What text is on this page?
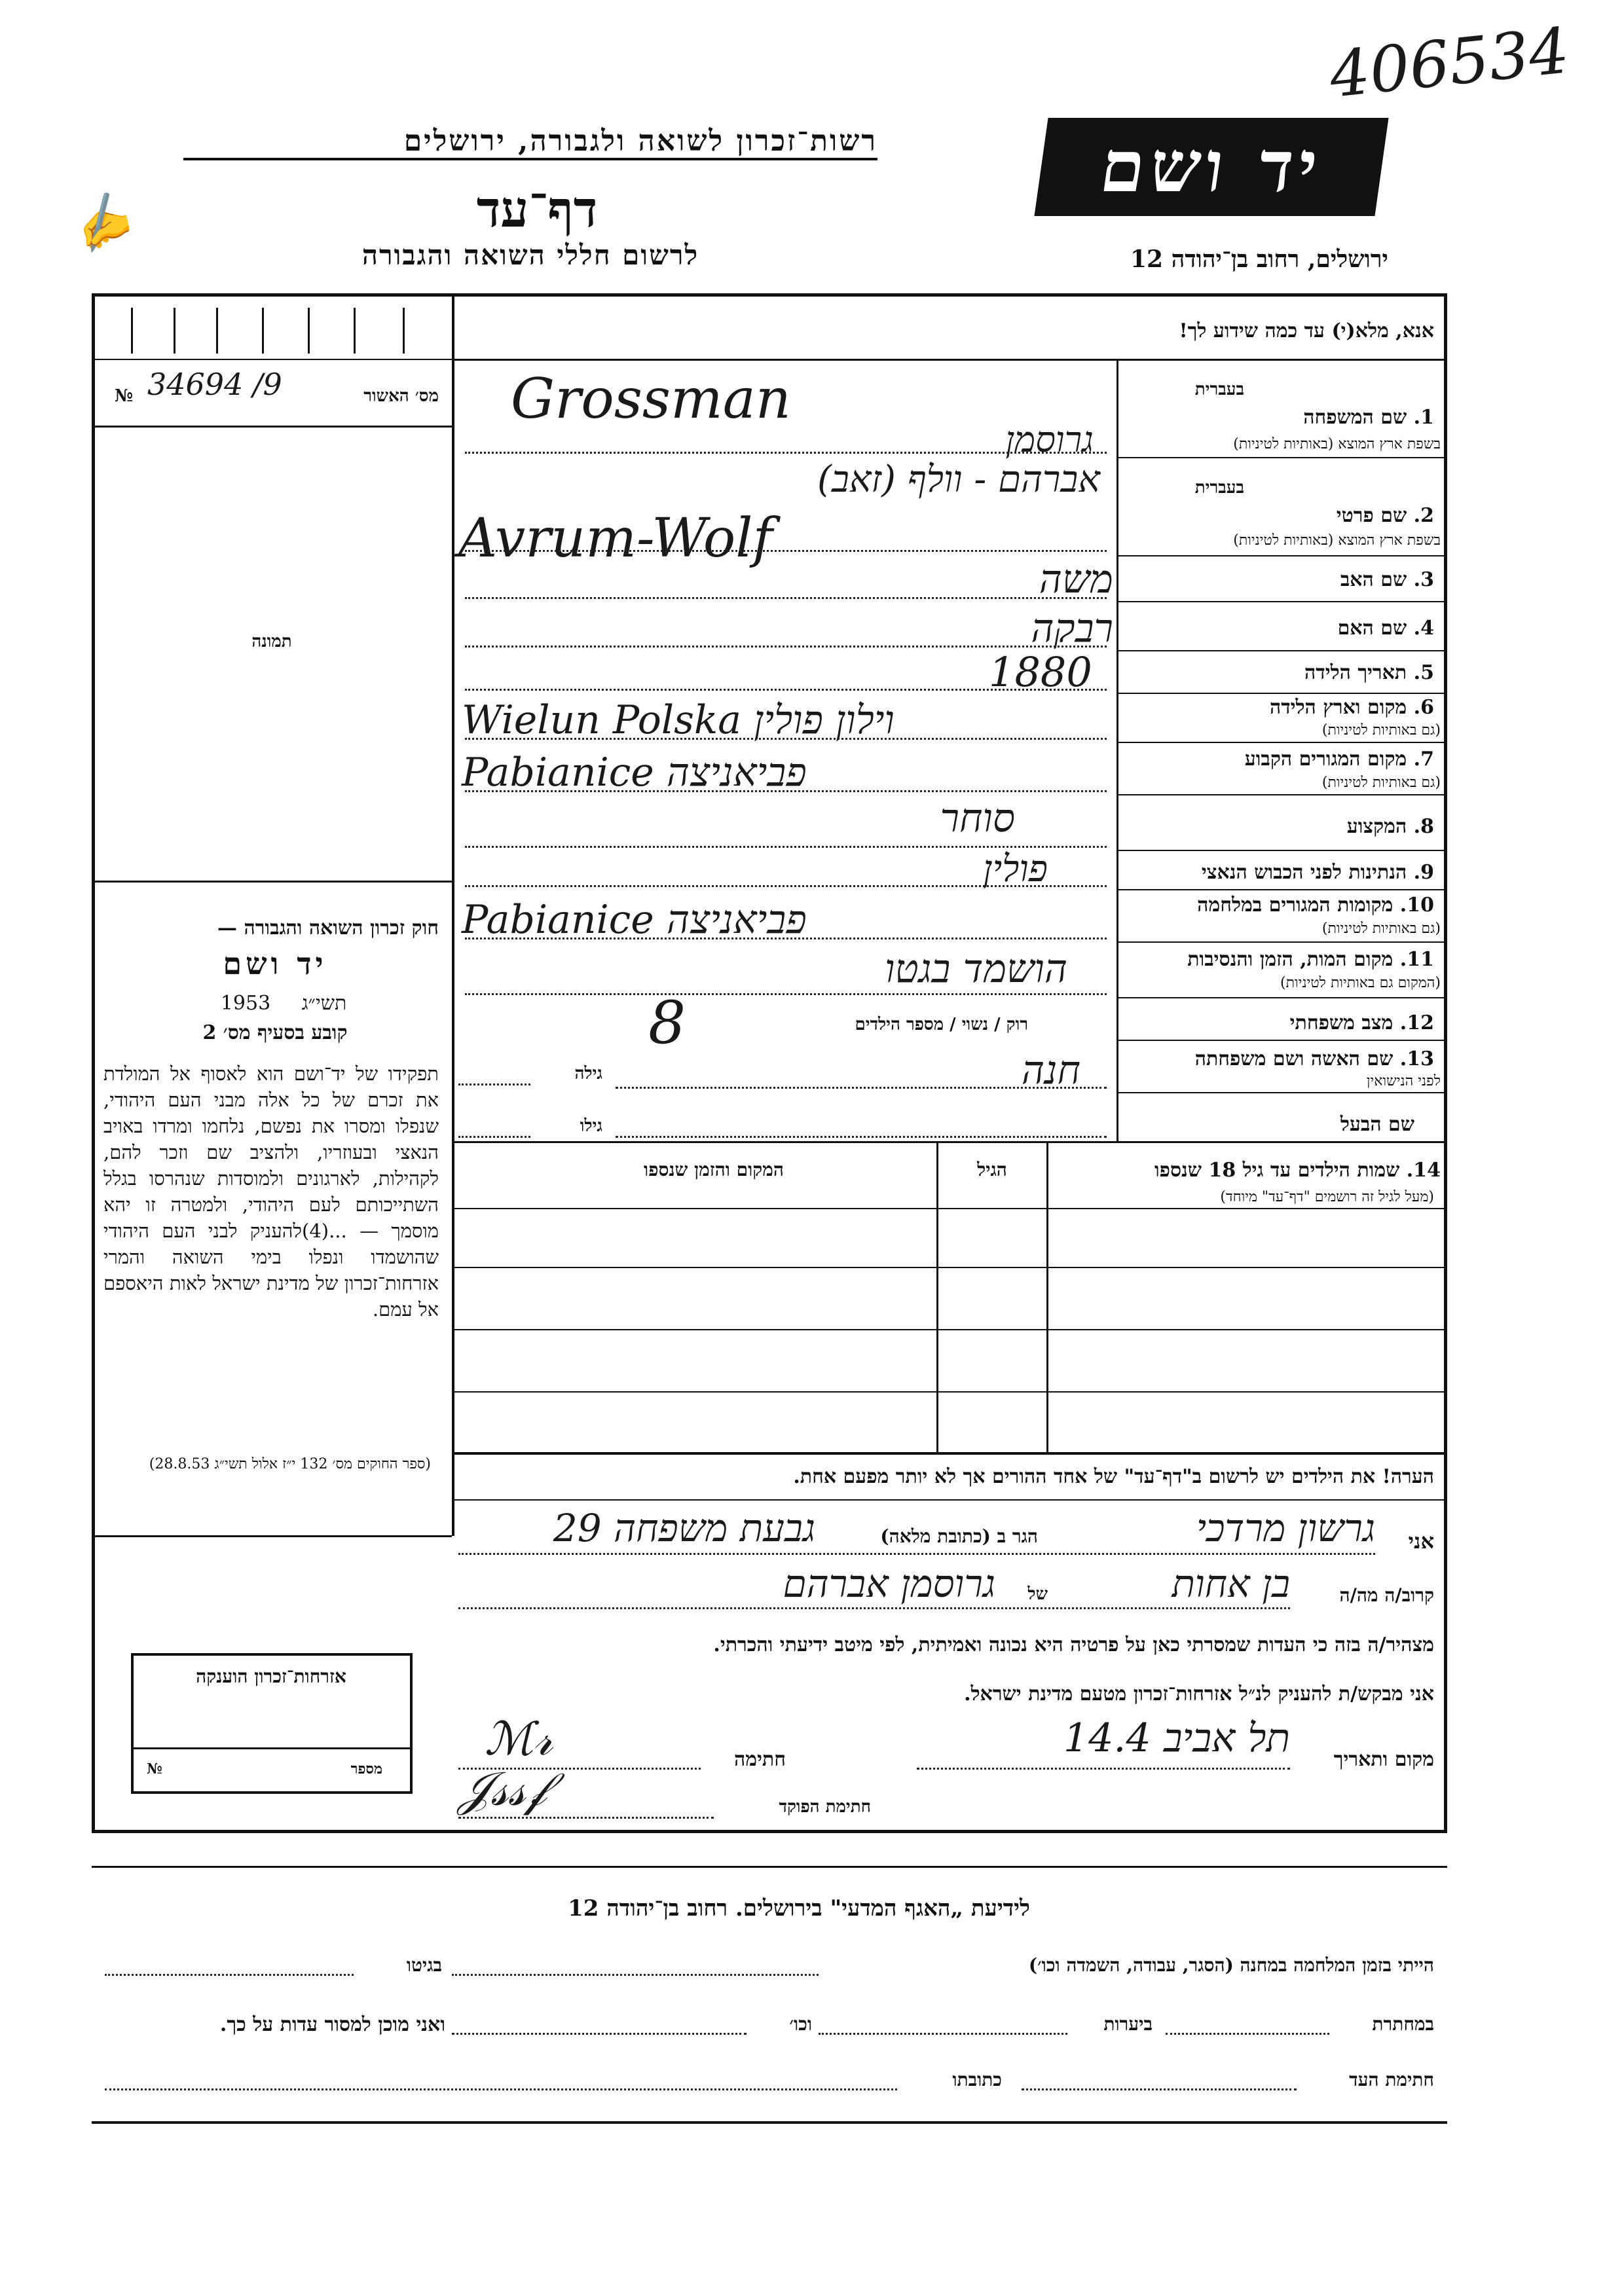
406534
רשות־זכרון לשואה ולגבורה, ירושלים
דף־עד
לרשום חללי השואה והגבורה
יד ושם
ירושלים, רחוב בן־יהודה 12
✍
№ 34694 /9	מס׳ האשור
תמונה
חוק זכרון השואה והגבורה —
יד ושם
תשי״ג
1953
קובע בסעיף מס׳ 2
תפקידו של יד־ושם הוא לאסוף אל המולדת את זכרם של כל אלה מבני העם היהודי, שנפלו ומסרו את נפשם, נלחמו ומרדו באויב הנאצי ובעוזריו, ולהציב שם וזכר להם, לקהילות, לארגונים ולמוסדות שנהרסו בגלל השתייכותם לעם היהודי, ולמטרה זו יהא מוסמך — ...(4)להעניק לבני העם היהודי שהושמדו ונפלו בימי השואה והמרי אזרחות־זכרון של מדינת ישראל לאות היאספם אל עמם.
(ספר החוקים מס׳ 132 י״ז אלול תשי״ג 28.8.53)
אנא, מלא(י) עד כמה שידוע לך!
בעברית
1. שם המשפחה
בשפת ארץ המוצא (באותיות לטיניות)
Grossman
גרוסמן
בעברית
2. שם פרטי
בשפת ארץ המוצא (באותיות לטיניות)
אברהם - וולף (זאב)
Avrum-Wolf
3. שם האב
משה
4. שם האם
רבקה
5. תאריך הלידה
1880
6. מקום וארץ הלידה
(גם באותיות לטיניות)
Wielun Polska וילון פולין
7. מקום המגורים הקבוע
(גם באותיות לטיניות)
Pabianice פביאניצה
8. המקצוע
סוחר
9. הנתינות לפני הכבוש הנאצי
פולין
10. מקומות המגורים במלחמה
(גם באותיות לטיניות)
Pabianice פביאניצה
11. מקום המות, הזמן והנסיבות
(המקום גם באותיות לטיניות)
הושמד בגטו
12. מצב משפחתי
רוק / נשוי / מספר הילדים
8
13. שם האשה ושם משפחתה
לפני הנישואין
גילה	חנה
שם הבעל
גילו
14. שמות הילדים עד גיל 18 שנספו
(מעל לגיל זה רושמים "דף־עד" מיוחד)
הגיל
המקום והזמן שנספו
הערה! את הילדים יש לרשום ב"דף־עד" של אחד ההורים אך לא יותר מפעם אחת.
אני
גרשון מרדכי
הגר ב (כתובת מלאה)
גבעת משפחה 29
קרוב/ה מה/ה
בן אחות
של
גרוסמן אברהם
מצהיר/ה בזה כי העדות שמסרתי כאן על פרטיה היא נכונה ואמיתית, לפי מיטב ידיעתי והכרתי.
אני מבקש/ת להעניק לנ״ל אזרחות־זכרון מטעם מדינת ישראל.
מקום ותאריך
תל אביב 14.4
חתימה
ℳ𝓇
חתימת הפוקד
𝒥𝓈𝓈𝒻
אזרחות־זכרון הוענקה
מספר
№
לידיעת „האגף המדעי" בירושלים. רחוב בן־יהודה 12
הייתי בזמן המלחמה במחנה (הסגר, עבודה, השמדה וכו׳)
בגיטו
במחתרת
ביערות
וכו׳
ואני מוכן למסור עדות על כך.
חתימת העד
כתובתו
